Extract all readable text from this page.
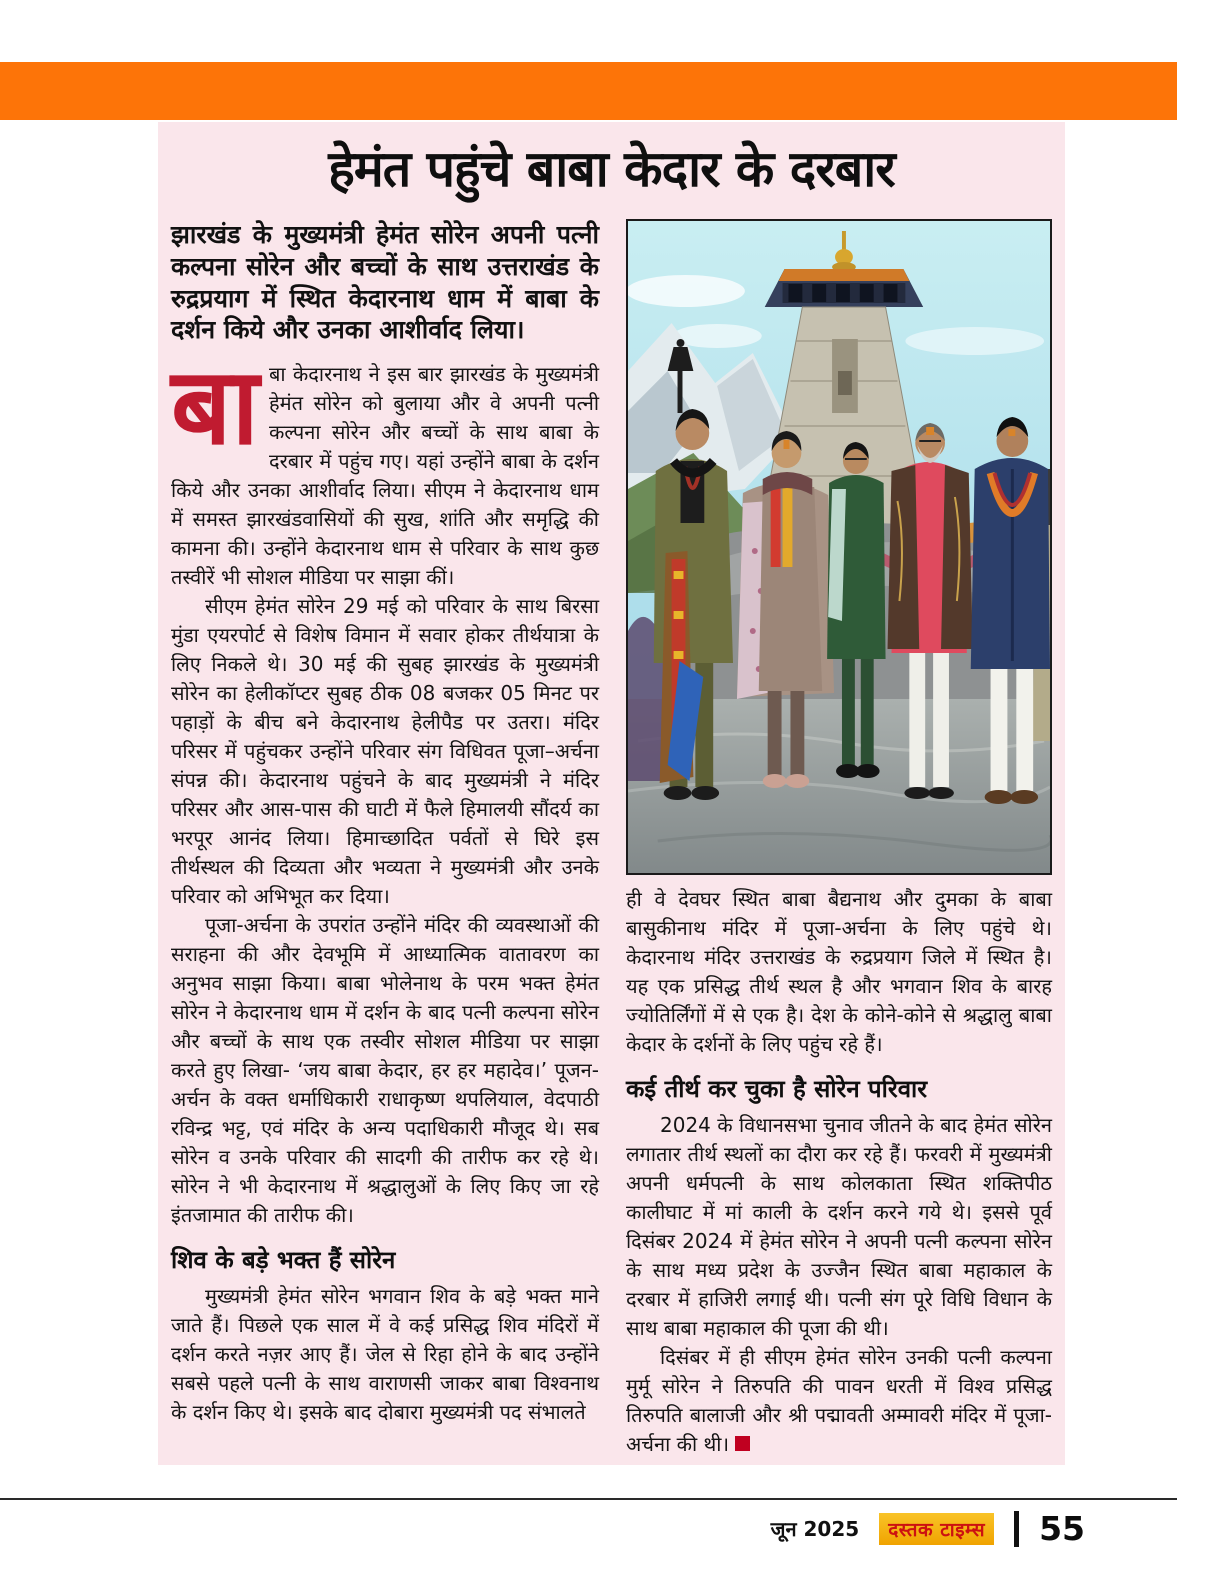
हेमंत पहुंचे बाबा केदार के दरबार

झारखंड के मुख्यमंत्री हेमंत सोरेन अपनी पत्नी कल्पना सोरेन और बच्चों के साथ उत्तराखंड के रुद्रप्रयाग में स्थित केदारनाथ धाम में बाबा के दर्शन किये और उनका आशीर्वाद लिया।

बाबा केदारनाथ ने इस बार झारखंड के मुख्यमंत्री हेमंत सोरेन को बुलाया और वे अपनी पत्नी कल्पना सोरेन और बच्चों के साथ बाबा के दरबार में पहुंच गए। यहां उन्होंने बाबा के दर्शन किये और उनका आशीर्वाद लिया। सीएम ने केदारनाथ धाम में समस्त झारखंडवासियों की सुख, शांति और समृद्धि की कामना की। उन्होंने केदारनाथ धाम से परिवार के साथ कुछ तस्वीरें भी सोशल मीडिया पर साझा कीं।

सीएम हेमंत सोरेन 29 मई को परिवार के साथ बिरसा मुंडा एयरपोर्ट से विशेष विमान में सवार होकर तीर्थयात्रा के लिए निकले थे। 30 मई की सुबह झारखंड के मुख्यमंत्री सोरेन का हेलीकॉप्टर सुबह ठीक 08 बजकर 05 मिनट पर पहाड़ों के बीच बने केदारनाथ हेलीपैड पर उतरा। मंदिर परिसर में पहुंचकर उन्होंने परिवार संग विधिवत पूजा–अर्चना संपन्न की। केदारनाथ पहुंचने के बाद मुख्यमंत्री ने मंदिर परिसर और आस-पास की घाटी में फैले हिमालयी सौंदर्य का भरपूर आनंद लिया। हिमाच्छादित पर्वतों से घिरे इस तीर्थस्थल की दिव्यता और भव्यता ने मुख्यमंत्री और उनके परिवार को अभिभूत कर दिया।

पूजा-अर्चना के उपरांत उन्होंने मंदिर की व्यवस्थाओं की सराहना की और देवभूमि में आध्यात्मिक वातावरण का अनुभव साझा किया। बाबा भोलेनाथ के परम भक्त हेमंत सोरेन ने केदारनाथ धाम में दर्शन के बाद पत्नी कल्पना सोरेन और बच्चों के साथ एक तस्वीर सोशल मीडिया पर साझा करते हुए लिखा- ‘जय बाबा केदार, हर हर महादेव।’ पूजन-अर्चन के वक्त धर्माधिकारी राधाकृष्ण थपलियाल, वेदपाठी रविन्द्र भट्ट, एवं मंदिर के अन्य पदाधिकारी मौजूद थे। सब सोरेन व उनके परिवार की सादगी की तारीफ कर रहे थे। सोरेन ने भी केदारनाथ में श्रद्धालुओं के लिए किए जा रहे इंतजामात की तारीफ की।

शिव के बड़े भक्त हैं सोरेन

मुख्यमंत्री हेमंत सोरेन भगवान शिव के बड़े भक्त माने जाते हैं। पिछले एक साल में वे कई प्रसिद्ध शिव मंदिरों में दर्शन करते नज़र आए हैं। जेल से रिहा होने के बाद उन्होंने सबसे पहले पत्नी के साथ वाराणसी जाकर बाबा विश्वनाथ के दर्शन किए थे। इसके बाद दोबारा मुख्यमंत्री पद संभालते

ही वे देवघर स्थित बाबा बैद्यनाथ और दुमका के बाबा बासुकीनाथ मंदिर में पूजा-अर्चना के लिए पहुंचे थे। केदारनाथ मंदिर उत्तराखंड के रुद्रप्रयाग जिले में स्थित है। यह एक प्रसिद्ध तीर्थ स्थल है और भगवान शिव के बारह ज्योतिर्लिंगों में से एक है। देश के कोने-कोने से श्रद्धालु बाबा केदार के दर्शनों के लिए पहुंच रहे हैं।

कई तीर्थ कर चुका है सोरेन परिवार

2024 के विधानसभा चुनाव जीतने के बाद हेमंत सोरेन लगातार तीर्थ स्थलों का दौरा कर रहे हैं। फरवरी में मुख्यमंत्री अपनी धर्मपत्नी के साथ कोलकाता स्थित शक्तिपीठ कालीघाट में मां काली के दर्शन करने गये थे। इससे पूर्व दिसंबर 2024 में हेमंत सोरेन ने अपनी पत्नी कल्पना सोरेन के साथ मध्य प्रदेश के उज्जैन स्थित बाबा महाकाल के दरबार में हाजिरी लगाई थी। पत्नी संग पूरे विधि विधान के साथ बाबा महाकाल की पूजा की थी।

दिसंबर में ही सीएम हेमंत सोरेन उनकी पत्नी कल्पना मुर्मू सोरेन ने तिरुपति की पावन धरती में विश्व प्रसिद्ध तिरुपति बालाजी और श्री पद्मावती अम्मावरी मंदिर में पूजा-अर्चना की थी।

जून 2025	दस्तक टाइम्स 55
